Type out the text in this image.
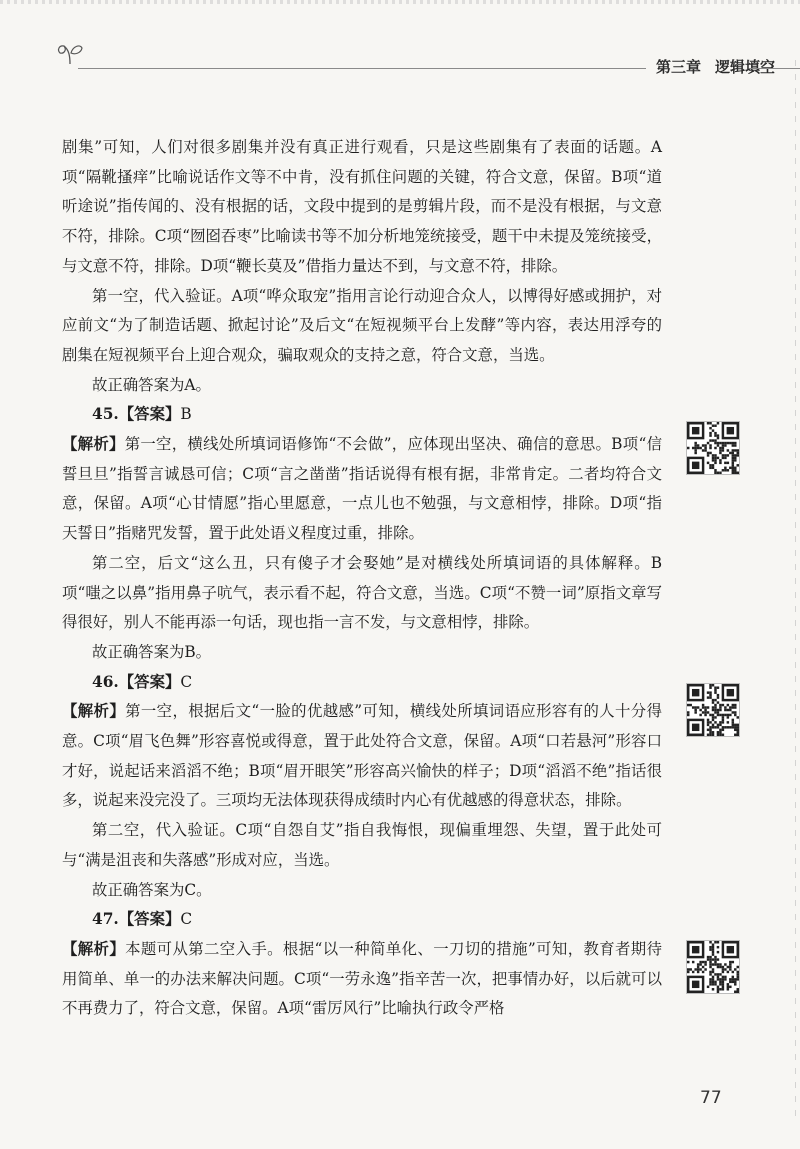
第三章 逻辑填空

剧集”可知，人们对很多剧集并没有真正进行观看，只是这些剧集有了表面的话题。A项“隔靴搔痒”比喻说话作文等不中肯，没有抓住问题的关键，符合文意，保留。B项“道听途说”指传闻的、没有根据的话，文段中提到的是剪辑片段，而不是没有根据，与文意不符，排除。C项“囫囵吞枣”比喻读书等不加分析地笼统接受，题干中未提及笼统接受，与文意不符，排除。D项“鞭长莫及”借指力量达不到，与文意不符，排除。

第一空，代入验证。A项“哗众取宠”指用言论行动迎合众人，以博得好感或拥护，对应前文“为了制造话题、掀起讨论”及后文“在短视频平台上发酵”等内容，表达用浮夸的剧集在短视频平台上迎合观众，骗取观众的支持之意，符合文意，当选。

故正确答案为A。

45.【答案】B

【解析】第一空，横线处所填词语修饰“不会做”，应体现出坚决、确信的意思。B项“信誓旦旦”指誓言诚恳可信；C项“言之凿凿”指话说得有根有据，非常肯定。二者均符合文意，保留。A项“心甘情愿”指心里愿意，一点儿也不勉强，与文意相悖，排除。D项“指天誓日”指赌咒发誓，置于此处语义程度过重，排除。

第二空，后文“这么丑，只有傻子才会娶她”是对横线处所填词语的具体解释。B项“嗤之以鼻”指用鼻子吭气，表示看不起，符合文意，当选。C项“不赞一词”原指文章写得很好，别人不能再添一句话，现也指一言不发，与文意相悖，排除。

故正确答案为B。

46.【答案】C

【解析】第一空，根据后文“一脸的优越感”可知，横线处所填词语应形容有的人十分得意。C项“眉飞色舞”形容喜悦或得意，置于此处符合文意，保留。A项“口若悬河”形容口才好，说起话来滔滔不绝；B项“眉开眼笑”形容高兴愉快的样子；D项“滔滔不绝”指话很多，说起来没完没了。三项均无法体现获得成绩时内心有优越感的得意状态，排除。

第二空，代入验证。C项“自怨自艾”指自我悔恨，现偏重埋怨、失望，置于此处可与“满是沮丧和失落感”形成对应，当选。

故正确答案为C。

47.【答案】C

【解析】本题可从第二空入手。根据“以一种简单化、一刀切的措施”可知，教育者期待用简单、单一的办法来解决问题。C项“一劳永逸”指辛苦一次，把事情办好，以后就可以不再费力了，符合文意，保留。A项“雷厉风行”比喻执行政令严格

77
